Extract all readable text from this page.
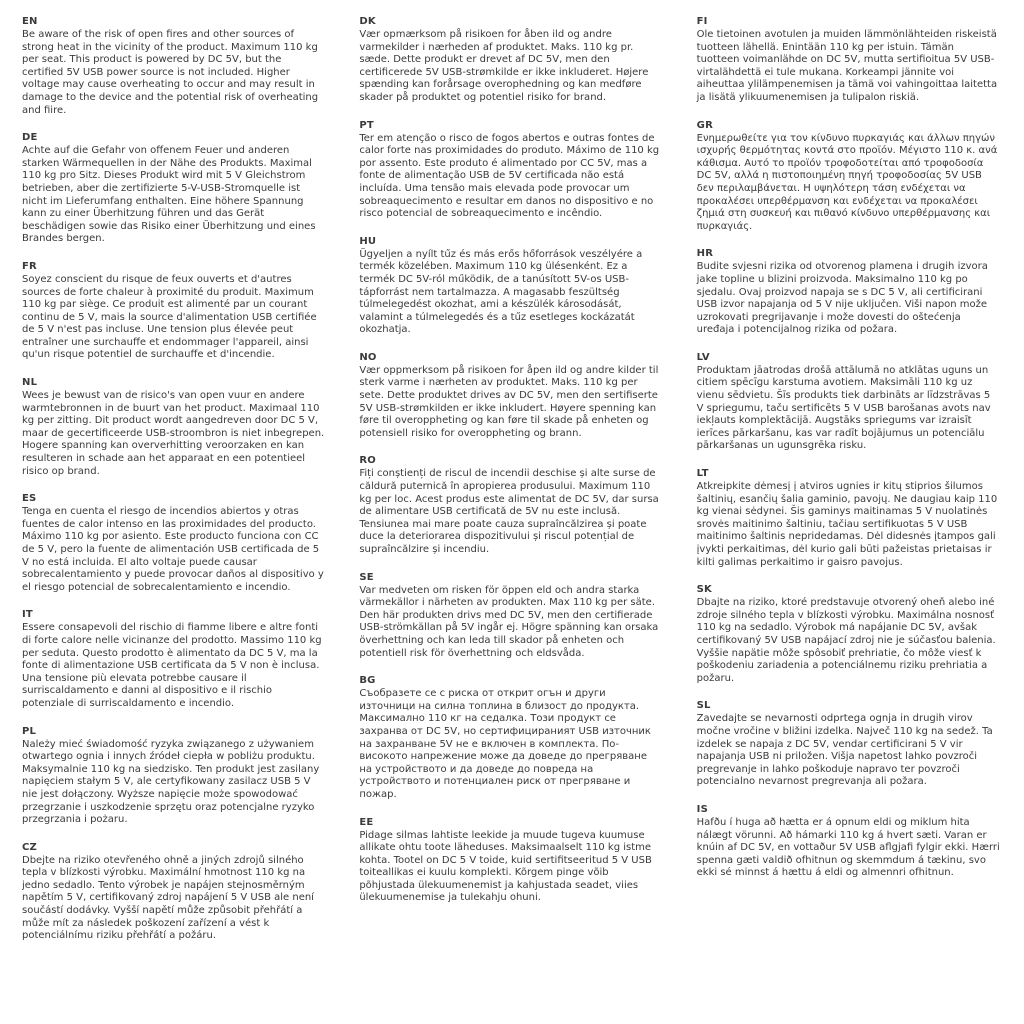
EN

Be aware of the risk of open fires and other sources of strong heat in the vicinity of the product. Maximum 110 kg per seat. This product is powered by DC 5V, but the certified 5V USB power source is not included. Higher voltage may cause overheating to occur and may result in damage to the device and the potential risk of overheating and fiire.

DE

Achte auf die Gefahr von offenem Feuer und anderen starken Wärmequellen in der Nähe des Produkts. Maximal 110 kg pro Sitz. Dieses Produkt wird mit 5 V Gleichstrom betrieben, aber die zertifizierte 5-V-USB-Stromquelle ist nicht im Lieferumfang enthalten. Eine höhere Spannung kann zu einer Überhitzung führen und das Gerät beschädigen sowie das Risiko einer Überhitzung und eines Brandes bergen.

FR

Soyez conscient du risque de feux ouverts et d'autres sources de forte chaleur à proximité du produit. Maximum 110 kg par siège. Ce produit est alimenté par un courant continu de 5 V, mais la source d'alimentation USB certifiée de 5 V n'est pas incluse. Une tension plus élevée peut entraîner une surchauffe et endommager l'appareil, ainsi qu'un risque potentiel de surchauffe et d'incendie.

NL

Wees je bewust van de risico's van open vuur en andere warmtebronnen in de buurt van het product. Maximaal 110 kg per zitting. Dit product wordt aangedreven door DC 5 V, maar de gecertificeerde USB-stroombron is niet inbegrepen. Hogere spanning kan oververhitting veroorzaken en kan resulteren in schade aan het apparaat en een potentieel risico op brand.

ES

Tenga en cuenta el riesgo de incendios abiertos y otras fuentes de calor intenso en las proximidades del producto. Máximo 110 kg por asiento. Este producto funciona con CC de 5 V, pero la fuente de alimentación USB certificada de 5 V no está incluida. El alto voltaje puede causar sobrecalentamiento y puede provocar daños al dispositivo y el riesgo potencial de sobrecalentamiento e incendio.

IT

Essere consapevoli del rischio di fiamme libere e altre fonti di forte calore nelle vicinanze del prodotto. Massimo 110 kg per seduta. Questo prodotto è alimentato da DC 5 V, ma la fonte di alimentazione USB certificata da 5 V non è inclusa. Una tensione più elevata potrebbe causare il surriscaldamento e danni al dispositivo e il rischio potenziale di surriscaldamento e incendio.

PL

Należy mieć świadomość ryzyka związanego z używaniem otwartego ognia i innych źródeł ciepła w pobliżu produktu. Maksymalnie 110 kg na siedzisko. Ten produkt jest zasilany napięciem stałym 5 V, ale certyfikowany zasilacz USB 5 V nie jest dołączony. Wyższe napięcie może spowodować przegrzanie i uszkodzenie sprzętu oraz potencjalne ryzyko przegrzania i pożaru.

CZ

Dbejte na riziko otevřeného ohně a jiných zdrojů silného tepla v blízkosti výrobku. Maximální hmotnost 110 kg na jedno sedadlo. Tento výrobek je napájen stejnosměrným napětím 5 V, certifikovaný zdroj napájení 5 V USB ale není součástí dodávky. Vyšší napětí může způsobit přehřátí a může mít za následek poškození zařízení a vést k potenciálnímu riziku přehřátí a požáru.

DK

Vær opmærksom på risikoen for åben ild og andre varmekilder i nærheden af produktet. Maks. 110 kg pr. sæde. Dette produkt er drevet af DC 5V, men den certificerede 5V USB-strømkilde er ikke inkluderet. Højere spænding kan forårsage overophedning og kan medføre skader på produktet og potentiel risiko for brand.

PT

Ter em atenção o risco de fogos abertos e outras fontes de calor forte nas proximidades do produto. Máximo de 110 kg por assento. Este produto é alimentado por CC 5V, mas a fonte de alimentação USB de 5V certificada não está incluída. Uma tensão mais elevada pode provocar um sobreaquecimento e resultar em danos no dispositivo e no risco potencial de sobreaquecimento e incêndio.

HU

Ügyeljen a nyílt tűz és más erős hőforrások veszélyére a termék közelében. Maximum 110 kg ülésenként. Ez a termék DC 5V-ról működik, de a tanúsított 5V-os USB-tápforrást nem tartalmazza. A magasabb feszültség túlmelegedést okozhat, ami a készülék károsodását, valamint a túlmelegedés és a tűz esetleges kockázatát okozhatja.

NO

Vær oppmerksom på risikoen for åpen ild og andre kilder til sterk varme i nærheten av produktet. Maks. 110 kg per sete. Dette produktet drives av DC 5V, men den sertifiserte 5V USB-strømkilden er ikke inkludert. Høyere spenning kan føre til overoppheting og kan føre til skade på enheten og potensiell risiko for overoppheting og brann.

RO

Fiți conștienți de riscul de incendii deschise și alte surse de căldură puternică în apropierea produsului. Maximum 110 kg per loc. Acest produs este alimentat de DC 5V, dar sursa de alimentare USB certificată de 5V nu este inclusă. Tensiunea mai mare poate cauza supraîncălzirea și poate duce la deteriorarea dispozitivului și riscul potențial de supraîncălzire și incendiu.

SE

Var medveten om risken för öppen eld och andra starka värmekällor i närheten av produkten. Max 110 kg per säte. Den här produkten drivs med DC 5V, men den certifierade USB-strömkällan på 5V ingår ej. Högre spänning kan orsaka överhettning och kan leda till skador på enheten och potentiell risk för överhettning och eldsvåda.

BG

Съобразете се с риска от открит огън и други източници на силна топлина в близост до продукта. Максимално 110 кг на седалка. Този продукт се захранва от DC 5V, но сертифицираният USB източник на захранване 5V не е включен в комплекта. По-високото напрежение може да доведе до прегряване на устройството и да доведе до повреда на устройството и потенциален риск от прегряване и пожар.

EE

Pidage silmas lahtiste leekide ja muude tugeva kuumuse allikate ohtu toote läheduses. Maksimaalselt 110 kg istme kohta. Tootel on DC 5 V toide, kuid sertifitseeritud 5 V USB toiteallikas ei kuulu komplekti. Kõrgem pinge võib põhjustada ülekuumenemist ja kahjustada seadet, viies ülekuumenemise ja tulekahju ohuni.

FI

Ole tietoinen avotulen ja muiden lämmönlähteiden riskeistä tuotteen lähellä. Enintään 110 kg per istuin. Tämän tuotteen voimanlähde on DC 5V, mutta sertifioitua 5V USB-virtalähdettä ei tule mukana. Korkeampi jännite voi aiheuttaa ylilämpenemisen ja tämä voi vahingoittaa laitetta ja lisätä ylikuumenemisen ja tulipalon riskiä.

GR

Ενημερωθείτε για τον κίνδυνο πυρκαγιάς και άλλων πηγών ισχυρής θερμότητας κοντά στο προϊόν. Μέγιστο 110 κ. ανά κάθισμα. Αυτό το προϊόν τροφοδοτείται από τροφοδοσία DC 5V, αλλά η πιστοποιημένη πηγή τροφοδοσίας 5V USB δεν περιλαμβάνεται. Η υψηλότερη τάση ενδέχεται να προκαλέσει υπερθέρμανση και ενδέχεται να προκαλέσει ζημιά στη συσκευή και πιθανό κίνδυνο υπερθέρμανσης και πυρκαγιάς.

HR

Budite svjesni rizika od otvorenog plamena i drugih izvora jake topline u blizini proizvoda. Maksimalno 110 kg po sjedalu. Ovaj proizvod napaja se s DC 5 V, ali certificirani USB izvor napajanja od 5 V nije uključen. Viši napon može uzrokovati pregrijavanje i može dovesti do oštećenja uređaja i potencijalnog rizika od požara.

LV

Produktam jāatrodas drošā attālumā no atklātas uguns un citiem spēcīgu karstuma avotiem. Maksimāli 110 kg uz vienu sēdvietu. Šīs produkts tiek darbināts ar līdzstrāvas 5 V spriegumu, taču sertificēts 5 V USB barošanas avots nav iekļauts komplektācijā. Augstāks spriegums var izraisīt ierīces pārkaršanu, kas var radīt bojājumus un potenciālu pārkaršanas un ugunsgrēka risku.

LT

Atkreipkite dėmesį į atviros ugnies ir kitų stiprios šilumos šaltinių, esančių šalia gaminio, pavojų. Ne daugiau kaip 110 kg vienai sėdynei. Šis gaminys maitinamas 5 V nuolatinės srovės maitinimo šaltiniu, tačiau sertifikuotas 5 V USB maitinimo šaltinis nepridedamas. Dėl didesnės įtampos gali įvykti perkaitimas, dėl kurio gali būti pažeistas prietaisas ir kilti galimas perkaitimo ir gaisro pavojus.

SK

Dbajte na riziko, ktoré predstavuje otvorený oheň alebo iné zdroje silného tepla v blízkosti výrobku. Maximálna nosnosť 110 kg na sedadlo. Výrobok má napájanie DC 5V, avšak certifikovaný 5V USB napájací zdroj nie je súčasťou balenia. Vyššie napätie môže spôsobiť prehriatie, čo môže viesť k poškodeniu zariadenia a potenciálnemu riziku prehriatia a požaru.

SL

Zavedajte se nevarnosti odprtega ognja in drugih virov močne vročine v bližini izdelka. Največ 110 kg na sedež. Ta izdelek se napaja z DC 5V, vendar certificirani 5 V vir napajanja USB ni priložen. Višja napetost lahko povzroči pregrevanje in lahko poškoduje napravo ter povzroči potencialno nevarnost pregrevanja ali požara.

IS

Hafðu í huga að hætta er á opnum eldi og miklum hita nálægt vörunni. Að hámarki 110 kg á hvert sæti. Varan er knúin af DC 5V, en vottaður 5V USB aflgjafi fylgir ekki. Hærri spenna gæti valdið ofhitnun og skemmdum á tækinu, svo ekki sé minnst á hættu á eldi og almennri ofhitnun.
